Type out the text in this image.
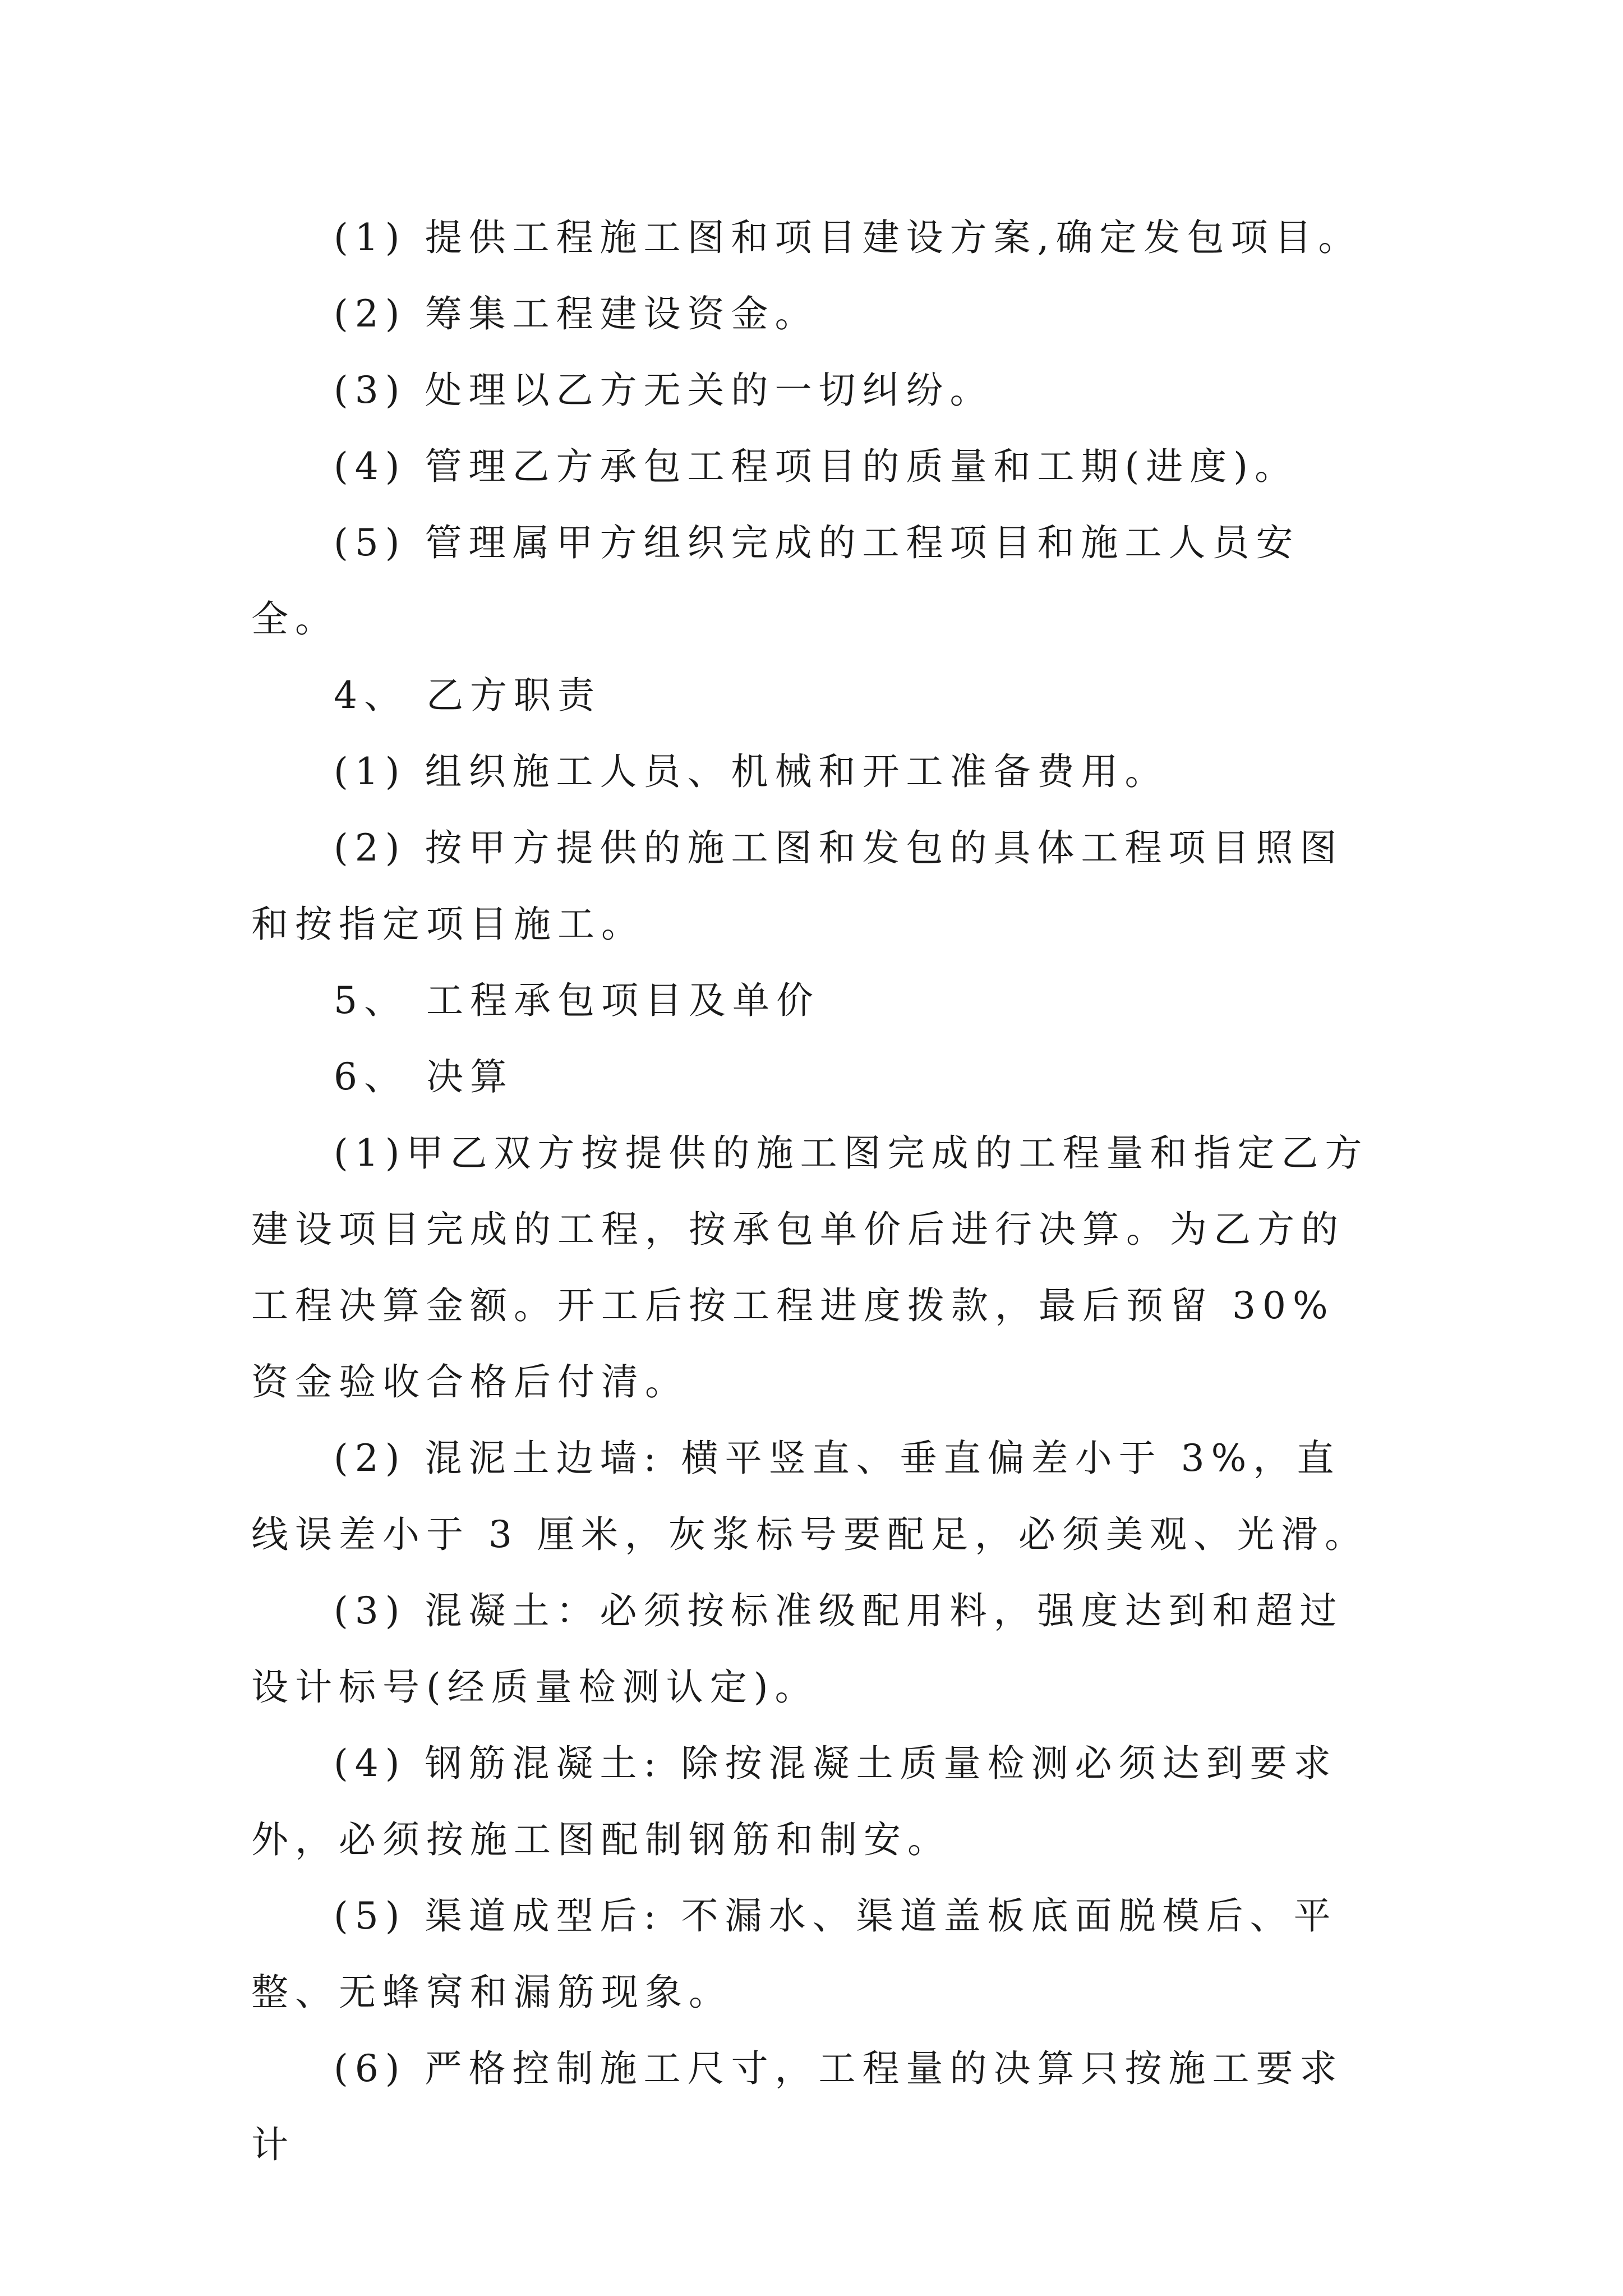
(1) 提供工程施工图和项目建设方案,确定发包项目。

(2) 筹集工程建设资金。

(3) 处理以乙方无关的一切纠纷。

(4) 管理乙方承包工程项目的质量和工期(进度)。

(5) 管理属甲方组织完成的工程项目和施工人员安全。

4、 乙方职责

(1) 组织施工人员、机械和开工准备费用。

(2) 按甲方提供的施工图和发包的具体工程项目照图和按指定项目施工。

5、 工程承包项目及单价

6、 决算

(1)甲乙双方按提供的施工图完成的工程量和指定乙方建设项目完成的工程，按承包单价后进行决算。为乙方的工程决算金额。开工后按工程进度拨款，最后预留 30%资金验收合格后付清。

(2) 混泥土边墙: 横平竖直、垂直偏差小于 3%，直线误差小于 3 厘米，灰浆标号要配足，必须美观、光滑。

(3) 混凝土：必须按标准级配用料，强度达到和超过设计标号(经质量检测认定)。

(4) 钢筋混凝土: 除按混凝土质量检测必须达到要求外，必须按施工图配制钢筋和制安。

(5) 渠道成型后: 不漏水、渠道盖板底面脱模后、平整、无蜂窝和漏筋现象。

(6) 严格控制施工尺寸，工程量的决算只按施工要求计
